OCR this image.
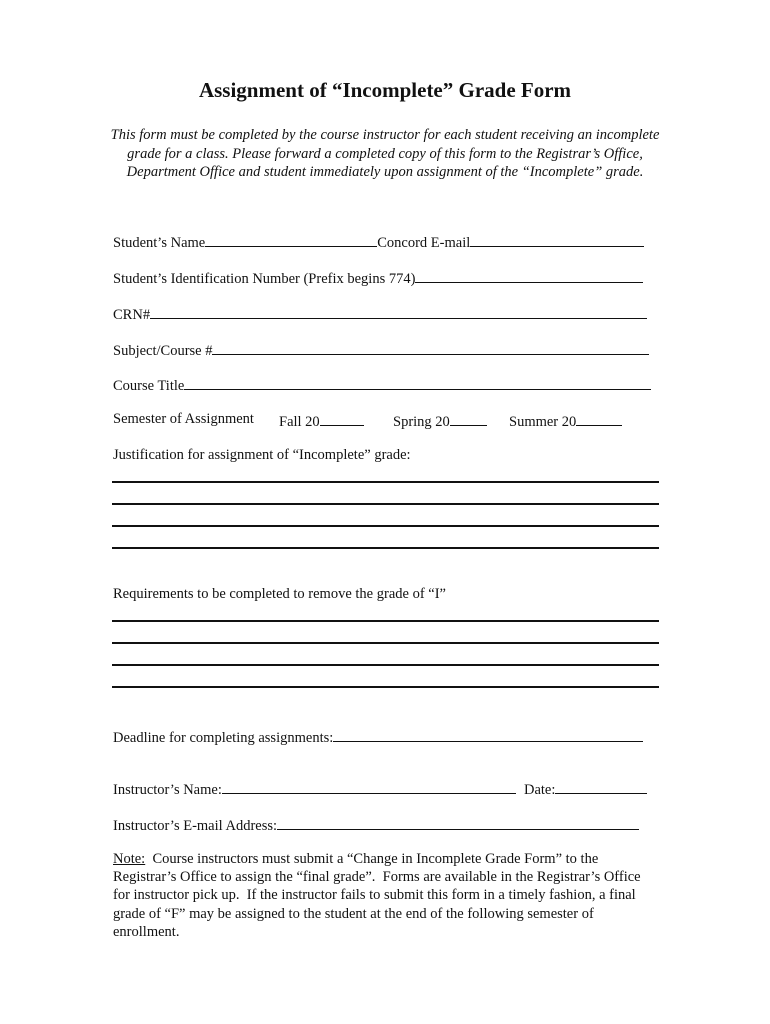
Assignment of “Incomplete” Grade Form
This form must be completed by the course instructor for each student receiving an incomplete grade for a class. Please forward a completed copy of this form to the Registrar’s Office, Department Office and student immediately upon assignment of the “Incomplete” grade.
Student’s Name	Concord E-mail
Student’s Identification Number (Prefix begins 774)
CRN#
Subject/Course #
Course Title
Semester of Assignment Fall 20	Spring 20	Summer 20
Justification for assignment of “Incomplete” grade:
Requirements to be completed to remove the grade of “I”
Deadline for completing assignments:
Instructor’s Name:	Date:
Instructor’s E-mail Address:
Note:  Course instructors must submit a “Change in Incomplete Grade Form” to the Registrar’s Office to assign the “final grade”.  Forms are available in the Registrar’s Office for instructor pick up.  If the instructor fails to submit this form in a timely fashion, a final grade of “F” may be assigned to the student at the end of the following semester of enrollment.
